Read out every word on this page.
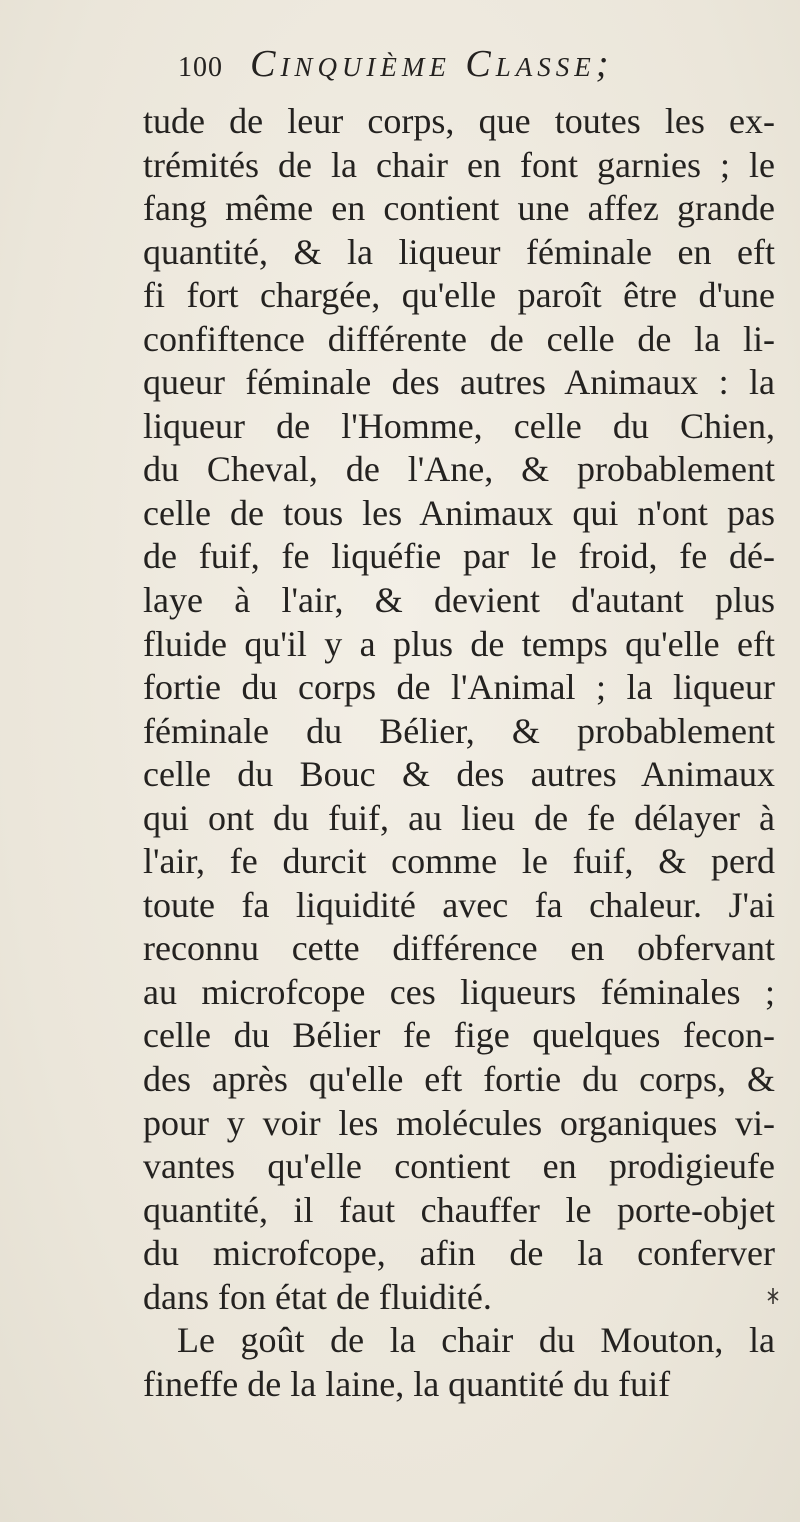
100 Cinquième Classe;
tude de leur corps, que toutes les ex-
trémités de la chair en font garnies ; le
fang même en contient une affez grande
quantité, & la liqueur féminale en eft
fi fort chargée, qu'elle paroît être d'une
confiftence différente de celle de la li-
queur féminale des autres Animaux : la
liqueur de l'Homme, celle du Chien,
du Cheval, de l'Ane, & probablement
celle de tous les Animaux qui n'ont pas
de fuif, fe liquéfie par le froid, fe dé-
laye à l'air, & devient d'autant plus
fluide qu'il y a plus de temps qu'elle eft
fortie du corps de l'Animal ; la liqueur
féminale du Bélier, & probablement
celle du Bouc & des autres Animaux
qui ont du fuif, au lieu de fe délayer à
l'air, fe durcit comme le fuif, & perd
toute fa liquidité avec fa chaleur. J'ai
reconnu cette différence en obfervant
au microfcope ces liqueurs féminales ;
celle du Bélier fe fige quelques fecon-
des après qu'elle eft fortie du corps, &
pour y voir les molécules organiques vi-
vantes qu'elle contient en prodigieufe
quantité, il faut chauffer le porte-objet
du microfcope, afin de la conferver
dans fon état de fluidité.
Le goût de la chair du Mouton, la
fineffe de la laine, la quantité du fuif
